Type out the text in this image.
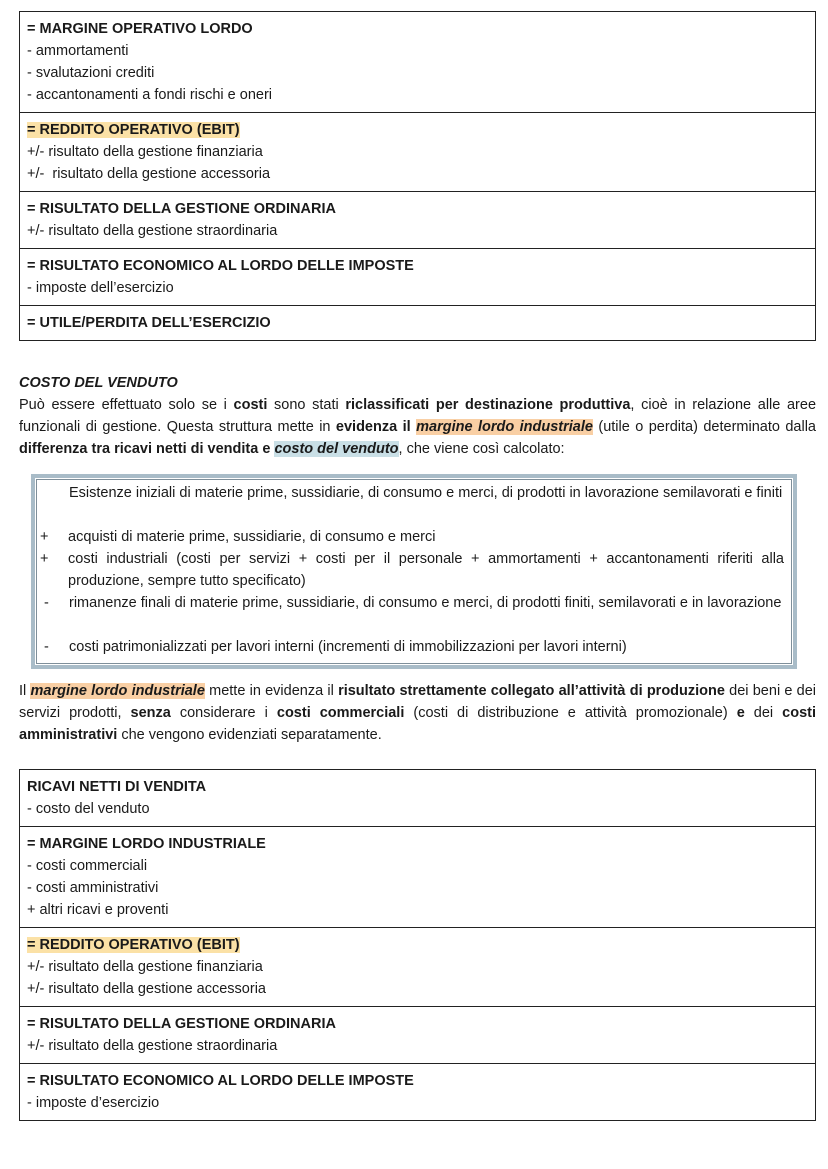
= MARGINE OPERATIVO LORDO
- ammortamenti
- svalutazioni crediti
- accantonamenti a fondi rischi e oneri
= REDDITO OPERATIVO (EBIT)
+/- risultato della gestione finanziaria
+/-  risultato della gestione accessoria
= RISULTATO DELLA GESTIONE ORDINARIA
+/- risultato della gestione straordinaria
= RISULTATO ECONOMICO AL LORDO DELLE IMPOSTE
- imposte dell’esercizio
= UTILE/PERDITA DELL’ESERCIZIO
COSTO DEL VENDUTO
Può essere effettuato solo se i costi sono stati riclassificati per destinazione produttiva, cioè in relazione alle aree funzionali di gestione. Questa struttura mette in evidenza il margine lordo industriale (utile o perdita) determinato dalla differenza tra ricavi netti di vendita e costo del venduto, che viene così calcolato:
Esistenze iniziali di materie prime, sussidiarie, di consumo e merci, di prodotti in lavorazione semilavorati e finiti
+ acquisti di materie prime, sussidiarie, di consumo e merci
+ costi industriali (costi per servizi + costi per il personale + ammortamenti + accantonamenti riferiti alla produzione, sempre tutto specificato)
- rimanenze finali di materie prime, sussidiarie, di consumo e merci, di prodotti finiti, semilavorati e in lavorazione
- costi patrimonializzati per lavori interni (incrementi di immobilizzazioni per lavori interni)
Il margine lordo industriale mette in evidenza il risultato strettamente collegato all’attività di produzione dei beni e dei servizi prodotti, senza considerare i costi commerciali (costi di distribuzione e attività promozionale) e dei costi amministrativi che vengono evidenziati separatamente.
RICAVI NETTI DI VENDITA
- costo del venduto
= MARGINE LORDO INDUSTRIALE
- costi commerciali
- costi amministrativi
+ altri ricavi e proventi
= REDDITO OPERATIVO (EBIT)
+/- risultato della gestione finanziaria
+/- risultato della gestione accessoria
= RISULTATO DELLA GESTIONE ORDINARIA
+/- risultato della gestione straordinaria
= RISULTATO ECONOMICO AL LORDO DELLE IMPOSTE
- imposte d’esercizio
